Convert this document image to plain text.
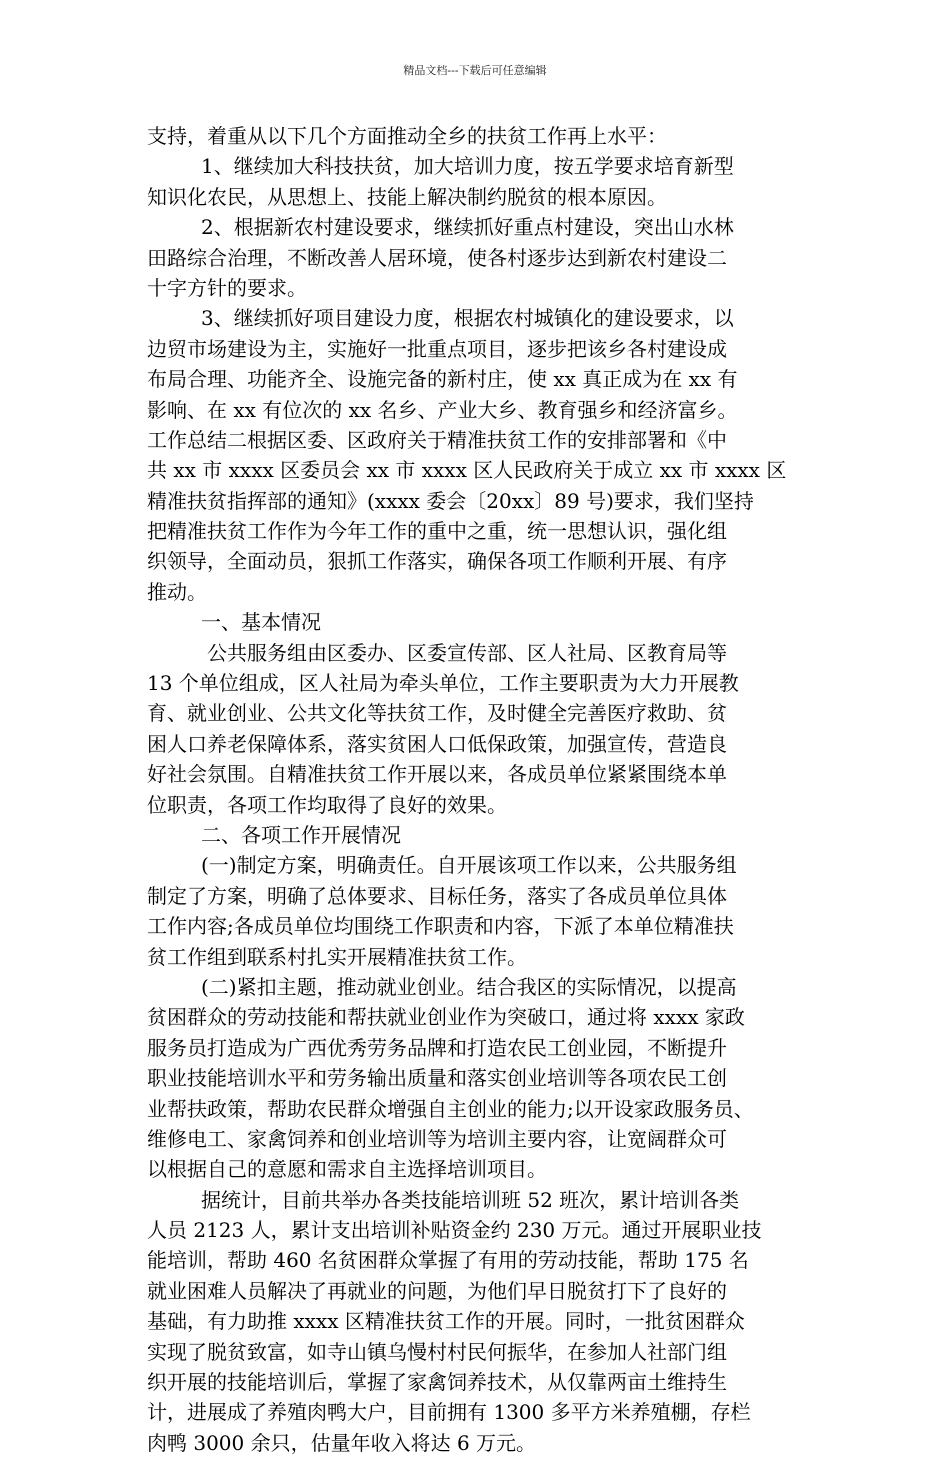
精品文档---下载后可任意编辑
支持，着重从以下几个方面推动全乡的扶贫工作再上水平：
1、继续加大科技扶贫，加大培训力度，按五学要求培育新型
知识化农民，从思想上、技能上解决制约脱贫的根本原因。
2、根据新农村建设要求，继续抓好重点村建设，突出山水林
田路综合治理，不断改善人居环境，使各村逐步达到新农村建设二
十字方针的要求。
3、继续抓好项目建设力度，根据农村城镇化的建设要求，以
边贸市场建设为主，实施好一批重点项目，逐步把该乡各村建设成
布局合理、功能齐全、设施完备的新村庄，使 xx 真正成为在 xx 有
影响、在 xx 有位次的 xx 名乡、产业大乡、教育强乡和经济富乡。
工作总结二根据区委、区政府关于精准扶贫工作的安排部署和《中
共 xx 市 xxxx 区委员会 xx 市 xxxx 区人民政府关于成立 xx 市 xxxx 区
精准扶贫指挥部的通知》(xxxx 委会〔20xx〕89 号)要求，我们坚持
把精准扶贫工作作为今年工作的重中之重，统一思想认识，强化组
织领导，全面动员，狠抓工作落实，确保各项工作顺利开展、有序
推动。
一、基本情况
公共服务组由区委办、区委宣传部、区人社局、区教育局等
13 个单位组成，区人社局为牵头单位，工作主要职责为大力开展教
育、就业创业、公共文化等扶贫工作，及时健全完善医疗救助、贫
困人口养老保障体系，落实贫困人口低保政策，加强宣传，营造良
好社会氛围。自精准扶贫工作开展以来，各成员单位紧紧围绕本单
位职责，各项工作均取得了良好的效果。
二、各项工作开展情况
(一)制定方案，明确责任。自开展该项工作以来，公共服务组
制定了方案，明确了总体要求、目标任务，落实了各成员单位具体
工作内容;各成员单位均围绕工作职责和内容，下派了本单位精准扶
贫工作组到联系村扎实开展精准扶贫工作。
(二)紧扣主题，推动就业创业。结合我区的实际情况，以提高
贫困群众的劳动技能和帮扶就业创业作为突破口，通过将 xxxx 家政
服务员打造成为广西优秀劳务品牌和打造农民工创业园，不断提升
职业技能培训水平和劳务输出质量和落实创业培训等各项农民工创
业帮扶政策，帮助农民群众增强自主创业的能力;以开设家政服务员、
维修电工、家禽饲养和创业培训等为培训主要内容，让宽阔群众可
以根据自己的意愿和需求自主选择培训项目。
据统计，目前共举办各类技能培训班 52 班次，累计培训各类
人员 2123 人，累计支出培训补贴资金约 230 万元。通过开展职业技
能培训，帮助 460 名贫困群众掌握了有用的劳动技能，帮助 175 名
就业困难人员解决了再就业的问题，为他们早日脱贫打下了良好的
基础，有力助推 xxxx 区精准扶贫工作的开展。同时，一批贫困群众
实现了脱贫致富，如寺山镇乌慢村村民何振华，在参加人社部门组
织开展的技能培训后，掌握了家禽饲养技术，从仅靠两亩土维持生
计，进展成了养殖肉鸭大户，目前拥有 1300 多平方米养殖棚，存栏
肉鸭 3000 余只，估量年收入将达 6 万元。
